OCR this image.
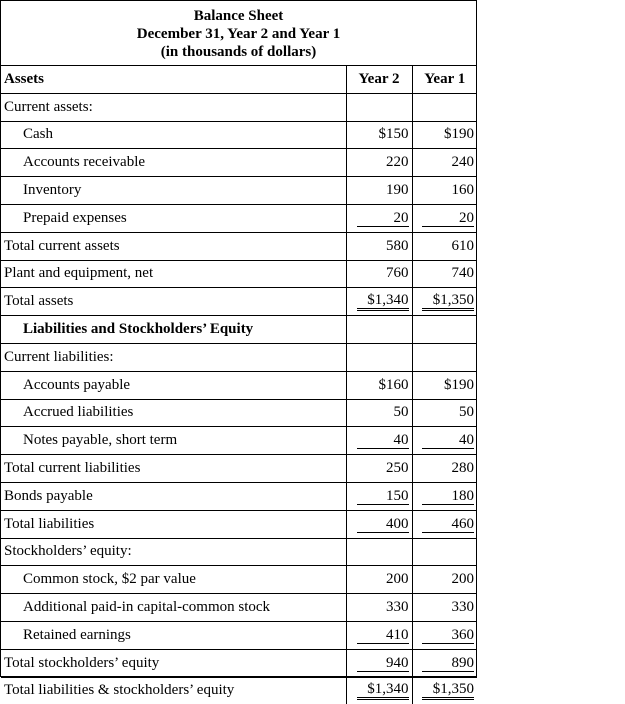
Balance Sheet
December 31, Year 2 and Year 1
(in thousands of dollars)
Assets	Year 2	Year 1
Current assets:		
Cash	$150	$190
Accounts receivable	220	240
Inventory	190	160
Prepaid expenses	20	20
Total current assets	580	610
Plant and equipment, net	760	740
Total assets	$1,340	$1,350
Liabilities and Stockholders’ Equity		
Current liabilities:		
Accounts payable	$160	$190
Accrued liabilities	50	50
Notes payable, short term	40	40
Total current liabilities	250	280
Bonds payable	150	180
Total liabilities	400	460
Stockholders’ equity:		
Common stock, $2 par value	200	200
Additional paid-in capital-common stock	330	330
Retained earnings	410	360
Total stockholders’ equity	940	890
Total liabilities & stockholders’ equity	$1,340	$1,350
